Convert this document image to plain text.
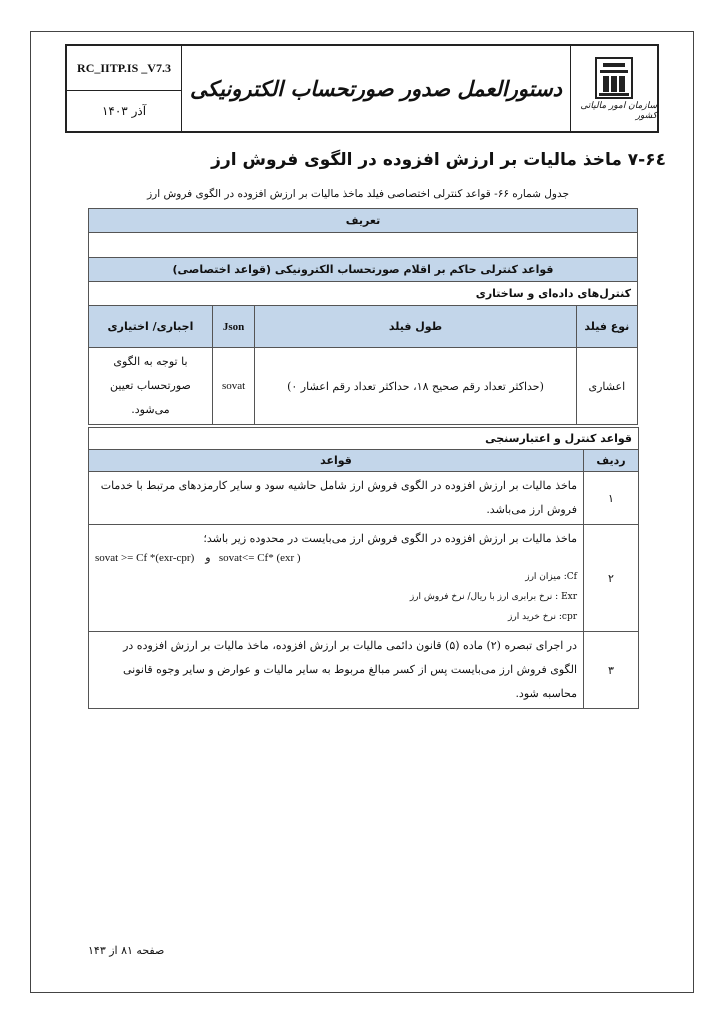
RC_IITP.IS _V7.3
آذر ۱۴۰۳
دستورالعمل صدور صورتحساب الکترونیکی
سازمان امور مالیاتی کشور
۶٤-۷ ماخذ مالیات بر ارزش افزوده در الگوی فروش ارز
جدول شماره ۶۶- قواعد کنترلی اختصاصی فیلد ماخذ مالیات بر ارزش افزوده در الگوی فروش ارز
تعریف			

قواعد کنترلی حاکم بر اقلام صورتحساب الکترونیکی (قواعد اختصاصی)			
کنترل‌های داده‌ای و ساختاری			
نوع فیلد	طول فیلد	Json	اجباری/ اختیاری
اعشاری	(حداکثر تعداد رقم صحیح ۱۸، حداکثر تعداد رقم اعشار ۰)	sovat	با توجه به الگوی صورتحساب تعیین می‌شود.
قواعد کنترل و اعتبارسنجی	
ردیف	قواعد
۱	ماخذ مالیات بر ارزش افزوده در الگوی فروش ارز شامل حاشیه سود و سایر کارمزدهای مرتبط با خدمات فروش ارز می‌باشد.
۲	ماخذ مالیات بر ارزش افزوده در الگوی فروش ارز می‌بایست در محدوده زیر باشد؛
sovat >= Cf *(exr-cpr) و sovat<= Cf* (exr )
Cf: میزان ارز
Exr : نرخ برابری ارز با ریال/ نرخ فروش ارز
cpr: نرخ خرید ارز

۳	در اجرای تبصره (۲) ماده (۵) قانون دائمی مالیات بر ارزش افزوده، ماخذ مالیات بر ارزش افزوده در الگوی فروش ارز می‌بایست پس از کسر مبالغ مربوط به سایر مالیات و عوارض و سایر وجوه قانونی محاسبه شود.
صفحه ۸۱ از ۱۴۳
